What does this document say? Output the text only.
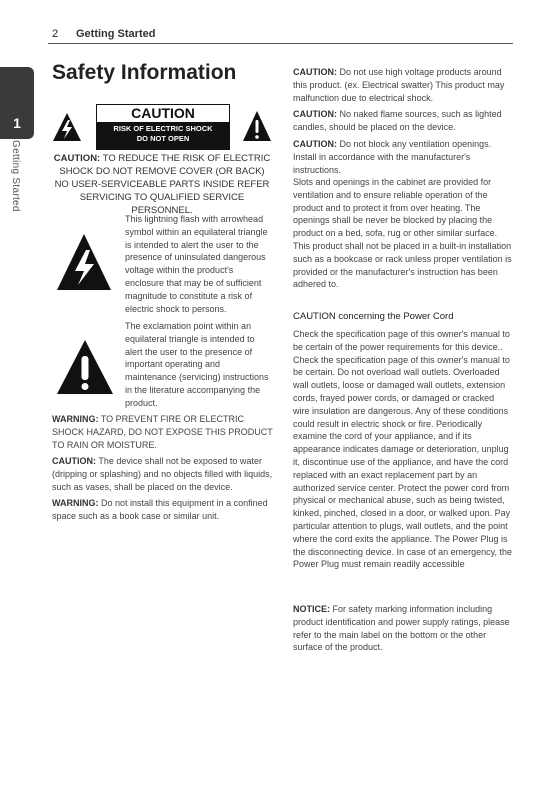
2 Getting Started
1
Getting Started
Safety Information
CAUTION
RISK OF ELECTRIC SHOCK
DO NOT OPEN

CAUTION: TO REDUCE THE RISK OF ELECTRIC SHOCK DO NOT REMOVE COVER (OR BACK) NO USER-SERVICEABLE PARTS INSIDE REFER SERVICING TO QUALIFIED SERVICE PERSONNEL.

This lightning flash with arrowhead symbol within an equilateral triangle is intended to alert the user to the presence of uninsulated dangerous voltage within the product's enclosure that may be of sufficient magnitude to constitute a risk of electric shock to persons.

The exclamation point within an equilateral triangle is intended to alert the user to the presence of important operating and maintenance (servicing) instructions in the literature accompanying the product.

WARNING: TO PREVENT FIRE OR ELECTRIC SHOCK HAZARD, DO NOT EXPOSE THIS PRODUCT TO RAIN OR MOISTURE.

CAUTION: The device shall not be exposed to water (dripping or splashing) and no objects filled with liquids, such as vases, shall be placed on the device.

WARNING: Do not install this equipment in a confined space such as a book case or similar unit.

CAUTION: Do not use high voltage products around this product. (ex. Electrical swatter) This product may malfunction due to electrical shock.

CAUTION: No naked flame sources, such as lighted candles, should be placed on the device.

CAUTION: Do not block any ventilation openings. Install in accordance with the manufacturer's instructions.

Slots and openings in the cabinet are provided for ventilation and to ensure reliable operation of the product and to protect it from over heating. The openings shall be never be blocked by placing the product on a bed, sofa, rug or other similar surface. This product shall not be placed in a built-in installation such as a bookcase or rack unless proper ventilation is provided or the manufacturer's instruction has been adhered to.

CAUTION concerning the Power Cord

Check the specification page of this owner's manual to be certain of the power requirements for this device.. Check the specification page of this owner's manual to be certain. Do not overload wall outlets. Overloaded wall outlets, loose or damaged wall outlets, extension cords, frayed power cords, or damaged or cracked wire insulation are dangerous. Any of these conditions could result in electric shock or fire. Periodically examine the cord of your appliance, and if its appearance indicates damage or deterioration, unplug it, discontinue use of the appliance, and have the cord replaced with an exact replacement part by an authorized service center. Protect the power cord from physical or mechanical abuse, such as being twisted, kinked, pinched, closed in a door, or walked upon. Pay particular attention to plugs, wall outlets, and the point where the cord exits the appliance. The Power Plug is the disconnecting device. In case of an emergency, the Power Plug must remain readily accessible

NOTICE: For safety marking information including product identification and power supply ratings, please refer to the main label on the bottom or the other surface of the product.
